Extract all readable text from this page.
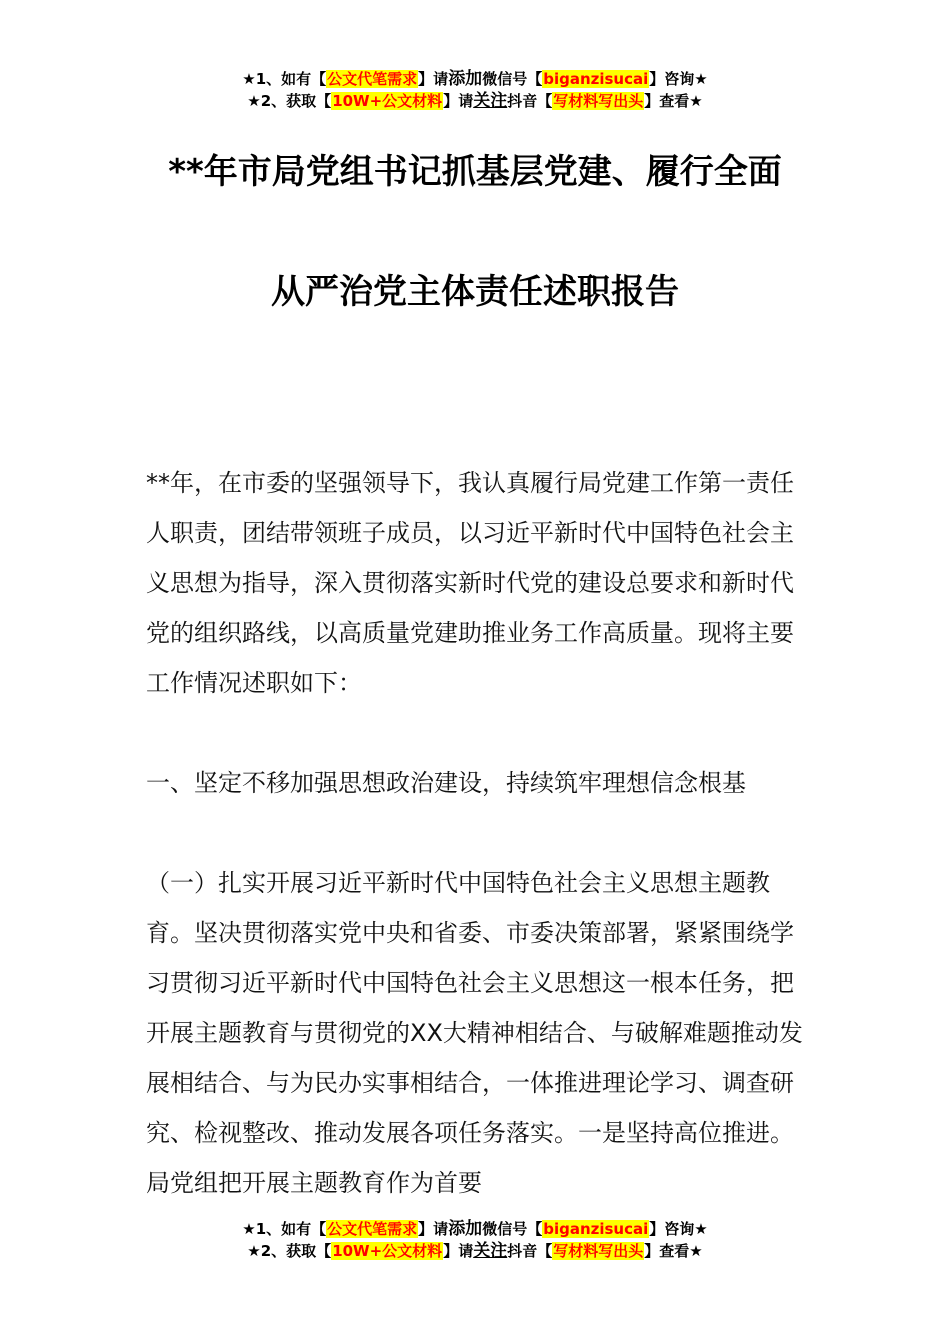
★1、如有【公文代笔需求】请添加微信号【biganzisucai】咨询★
★2、获取【10W+公文材料】请关注抖音【写材料写出头】查看★
**年市局党组书记抓基层党建、履行全面
从严治党主体责任述职报告

**年，在市委的坚强领导下，我认真履行局党建工作第一责任人职责，团结带领班子成员，以习近平新时代中国特色社会主义思想为指导，深入贯彻落实新时代党的建设总要求和新时代党的组织路线，以高质量党建助推业务工作高质量。现将主要工作情况述职如下：

一、坚定不移加强思想政治建设，持续筑牢理想信念根基

（一）扎实开展习近平新时代中国特色社会主义思想主题教育。坚决贯彻落实党中央和省委、市委决策部署，紧紧围绕学习贯彻习近平新时代中国特色社会主义思想这一根本任务，把开展主题教育与贯彻党的XX大精神相结合、与破解难题推动发展相结合、与为民办实事相结合，一体推进理论学习、调查研究、检视整改、推动发展各项任务落实。一是坚持高位推进。局党组把开展主题教育作为首要

★1、如有【公文代笔需求】请添加微信号【biganzisucai】咨询★
★2、获取【10W+公文材料】请关注抖音【写材料写出头】查看★
